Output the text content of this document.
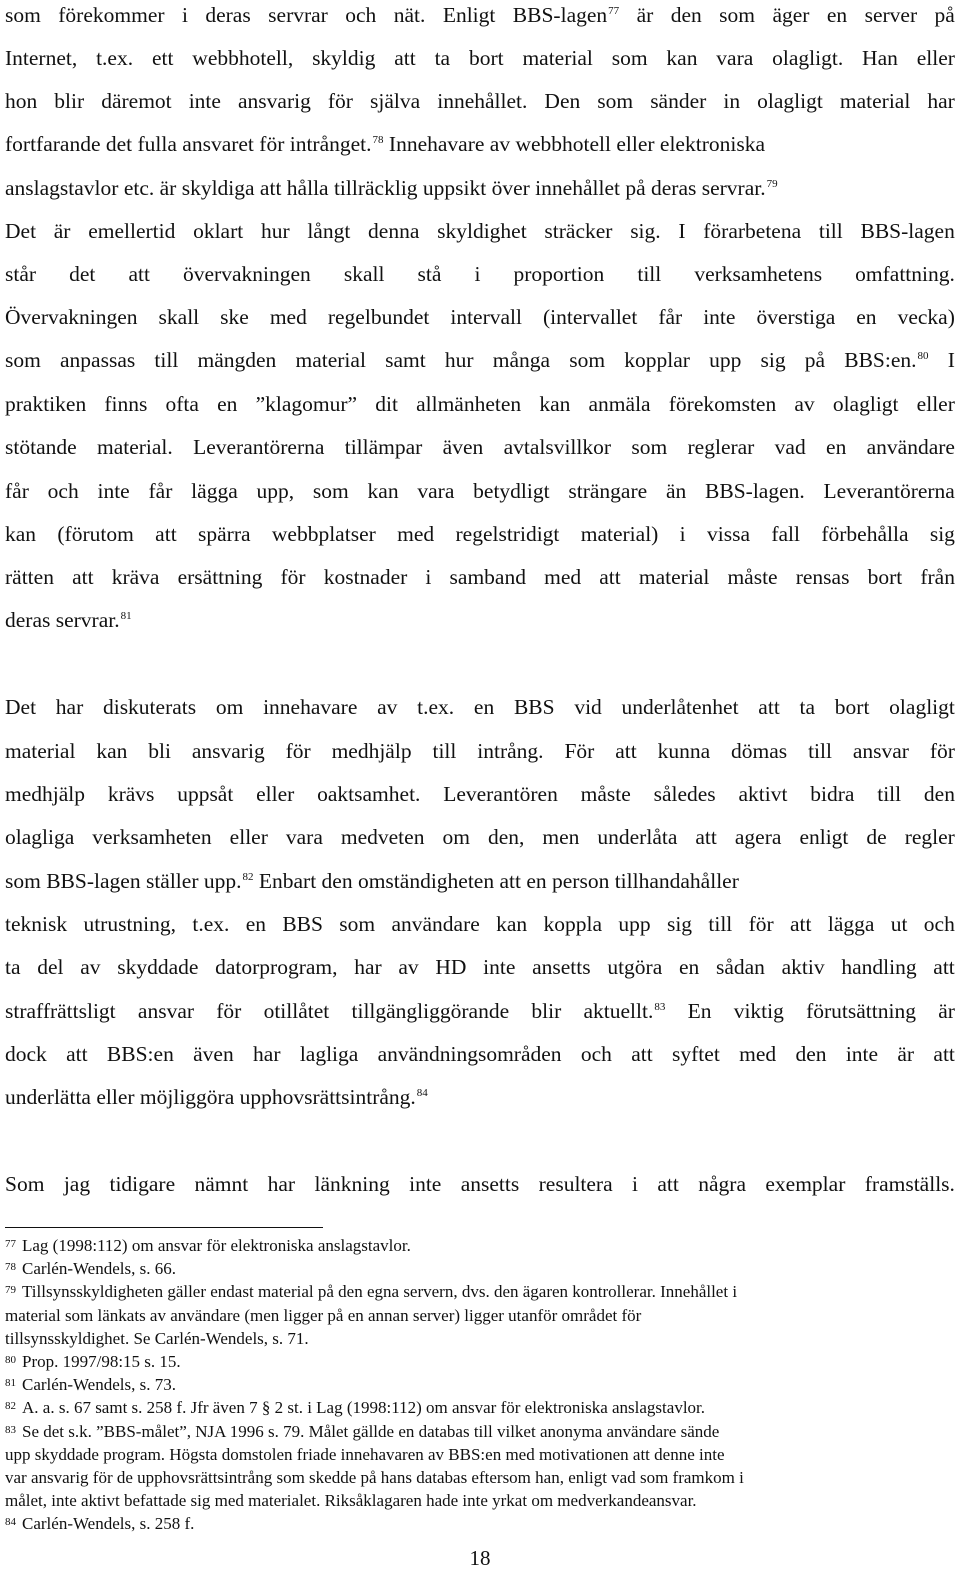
som förekommer i deras servrar och nät. Enligt BBS-lagen$^{77}$ är den som äger en server på
Internet, t.ex. ett webbhotell, skyldig att ta bort material som kan vara olagligt. Han eller
hon blir däremot inte ansvarig för själva innehållet. Den som sänder in olagligt material har
fortfarande det fulla ansvaret för intrånget.$^{78}$ Innehavare av webbhotell eller elektroniska
anslagstavlor etc. är skyldiga att hålla tillräcklig uppsikt över innehållet på deras servrar.$^{79}$
Det är emellertid oklart hur långt denna skyldighet sträcker sig. I förarbetena till BBS-lagen
står det att övervakningen skall stå i proportion till verksamhetens omfattning.
Övervakningen skall ske med regelbundet intervall (intervallet får inte överstiga en vecka)
som anpassas till mängden material samt hur många som kopplar upp sig på BBS:en.$^{80}$ I
praktiken finns ofta en ”klagomur” dit allmänheten kan anmäla förekomsten av olagligt eller
stötande material. Leverantörerna tillämpar även avtalsvillkor som reglerar vad en användare
får och inte får lägga upp, som kan vara betydligt strängare än BBS-lagen. Leverantörerna
kan (förutom att spärra webbplatser med regelstridigt material) i vissa fall förbehålla sig
rätten att kräva ersättning för kostnader i samband med att material måste rensas bort från
deras servrar.$^{81}$
Det har diskuterats om innehavare av t.ex. en BBS vid underlåtenhet att ta bort olagligt
material kan bli ansvarig för medhjälp till intrång. För att kunna dömas till ansvar för
medhjälp krävs uppsåt eller oaktsamhet. Leverantören måste således aktivt bidra till den
olagliga verksamheten eller vara medveten om den, men underlåta att agera enligt de regler
som BBS-lagen ställer upp.$^{82}$ Enbart den omständigheten att en person tillhandahåller
teknisk utrustning, t.ex. en BBS som användare kan koppla upp sig till för att lägga ut och
ta del av skyddade datorprogram, har av HD inte ansetts utgöra en sådan aktiv handling att
straffrättsligt ansvar för otillåtet tillgängliggörande blir aktuellt.$^{83}$ En viktig förutsättning är
dock att BBS:en även har lagliga användningsområden och att syftet med den inte är att
underlätta eller möjliggöra upphovsrättsintrång.$^{84}$
Som jag tidigare nämnt har länkning inte ansetts resultera i att några exemplar framställs.
$^{77}$ Lag (1998:112) om ansvar för elektroniska anslagstavlor.
$^{78}$ Carlén-Wendels, s. 66.
$^{79}$ Tillsynsskyldigheten gäller endast material på den egna servern, dvs. den ägaren kontrollerar. Innehållet i
material som länkats av användare (men ligger på en annan server) ligger utanför området för
tillsynsskyldighet. Se Carlén-Wendels, s. 71.
$^{80}$ Prop. 1997/98:15 s. 15.
$^{81}$ Carlén-Wendels, s. 73.
$^{82}$ A. a. s. 67 samt s. 258 f. Jfr även 7 § 2 st. i Lag (1998:112) om ansvar för elektroniska anslagstavlor.
$^{83}$ Se det s.k. ”BBS-målet”, NJA 1996 s. 79. Målet gällde en databas till vilket anonyma användare sände
upp skyddade program. Högsta domstolen friade innehavaren av BBS:en med motivationen att denne inte
var ansvarig för de upphovsrättsintrång som skedde på hans databas eftersom han, enligt vad som framkom i
målet, inte aktivt befattade sig med materialet. Riksåklagaren hade inte yrkat om medverkandeansvar.
$^{84}$ Carlén-Wendels, s. 258 f.
18
